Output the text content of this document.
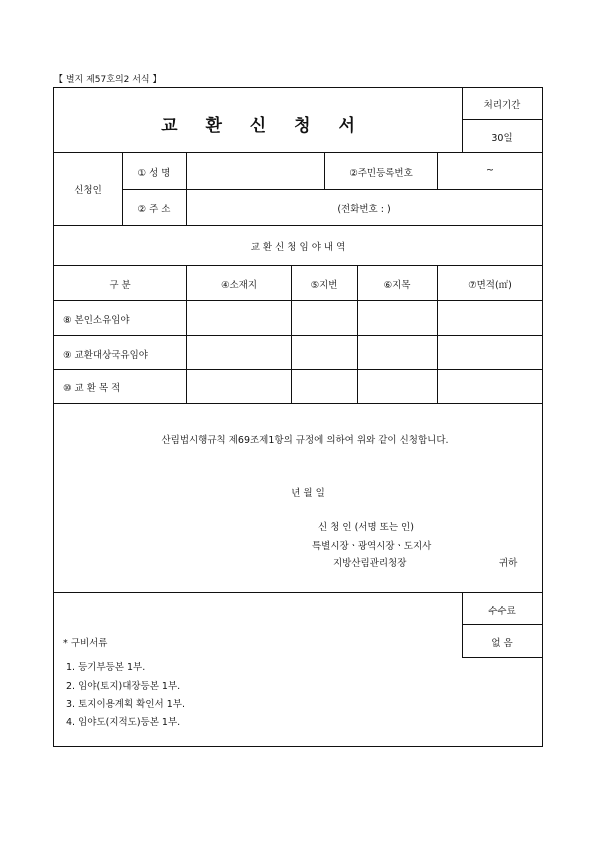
【 별지 제57호의2 서식 】
교 환 신 청 서
처리기간
30일
신청인
① 성 명	②주민등록번호	~
② 주 소	(전화번호 : )
교 환 신 청 임 야 내 역
구 분	④소재지	⑤지번	⑥지목	⑦면적(㎡)
⑧ 본인소유임야
⑨ 교환대상국유임야
⑩ 교 환 목 적
산림법시행규칙 제69조제1항의 규정에 의하여 위와 같이 신청합니다.
년 월 일
신 청 인 (서명 또는 인)
특별시장ㆍ광역시장ㆍ도지사
지방산림관리청장	귀하
수수료
없 음
* 구비서류
1. 등기부등본 1부.
2. 임야(토지)대장등본 1부.
3. 토지이용계획 확인서 1부.
4. 임야도(지적도)등본 1부.
